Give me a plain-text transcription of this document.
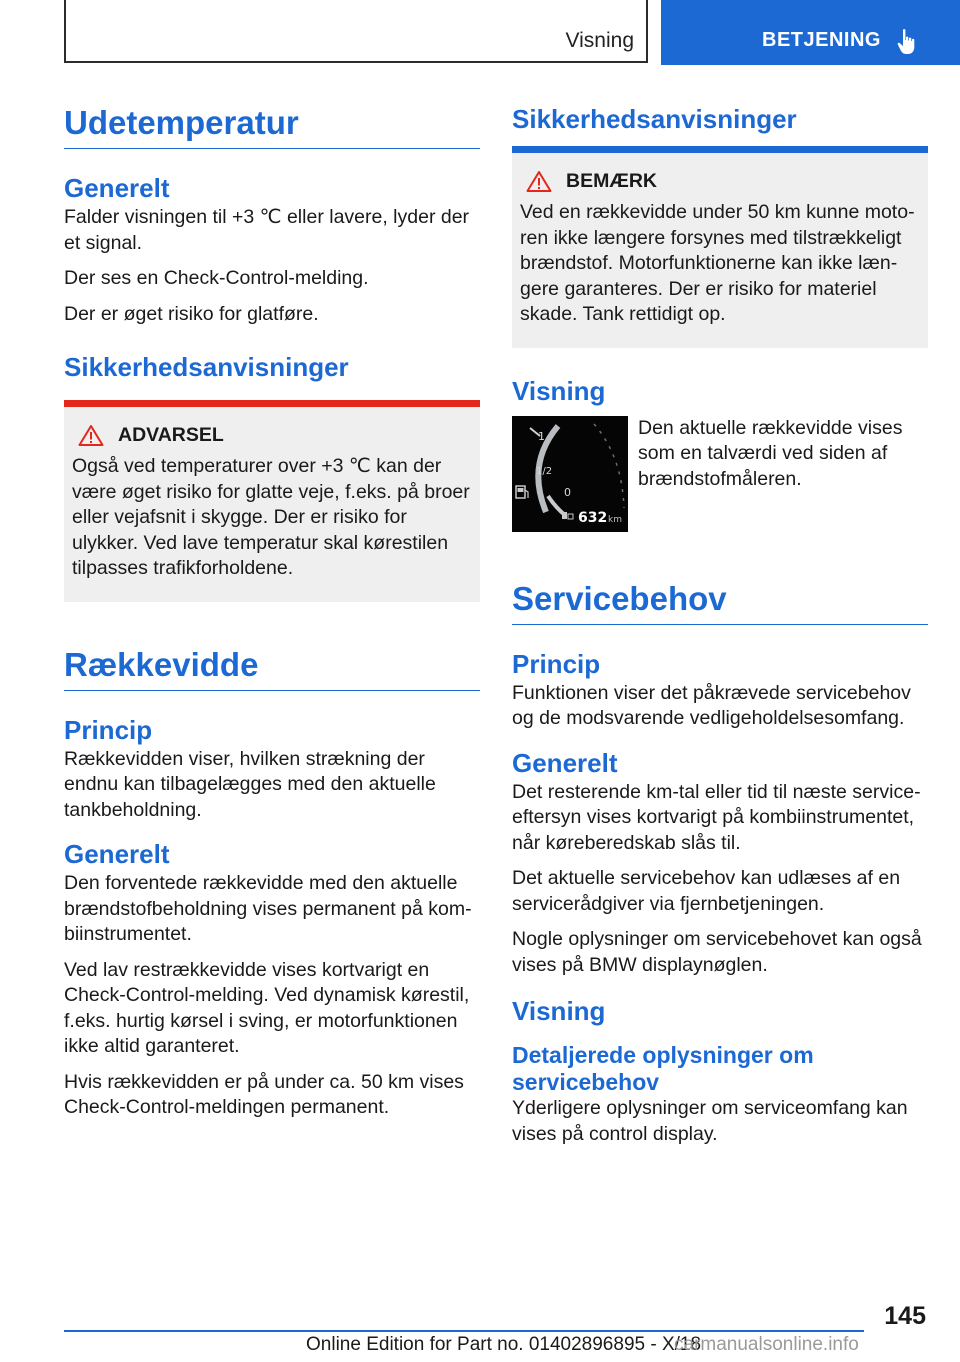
Visning	BETJENING
Udetemperatur
Generelt

Falder visningen til +3 ℃ eller lavere, lyder der et signal.

Der ses en Check-Control-melding.

Der er øget risiko for glatføre.

Sikkerhedsanvisninger
ADVARSEL

Også ved temperaturer over +3 ℃ kan der være øget risiko for glatte veje, f.eks. på broer eller vejafsnit i skygge. Der er risiko for ulykker. Ved lave temperatur skal kørestilen tilpasses trafikforholdene.

Rækkevidde
Princip

Rækkevidden viser, hvilken strækning der endnu kan tilbagelægges med den aktuelle tankbeholdning.

Generelt

Den forventede rækkevidde med den aktuelle brændstofbeholdning vises permanent på kombiinstrumentet.

Ved lav restrækkevidde vises kortvarigt en Check-Control-melding. Ved dynamisk kørestil, f.eks. hurtig kørsel i sving, er motorfunktionen ikke altid garanteret.

Hvis rækkevidden er på under ca. 50 km vises Check-Control-meldingen permanent.

Sikkerhedsanvisninger
BEMÆRK

Ved en rækkevidde under 50 km kunne motoren ikke længere forsynes med tilstrækkeligt brændstof. Motorfunktionerne kan ikke længere garanteres. Der er risiko for materiel skade. Tank rettidigt op.

Visning
1
1/2
0
632 km

Den aktuelle rækkevidde vises som en talværdi ved siden af brændstofmåleren.

Servicebehov
Princip

Funktionen viser det påkrævede servicebehov og de modsvarende vedligeholdelsesomfang.

Generelt

Det resterende km-tal eller tid til næste serviceeftersyn vises kortvarigt på kombiinstrumentet, når køreberedskab slås til.

Det aktuelle servicebehov kan udlæses af en servicerådgiver via fjernbetjeningen.

Nogle oplysninger om servicebehovet kan også vises på BMW displaynøglen.

Visning
Detaljerede oplysninger om servicebehov

Yderligere oplysninger om serviceomfang kan vises på control display.

145
Online Edition for Part no. 01402896895 - X/18
carmanualsonline.info
